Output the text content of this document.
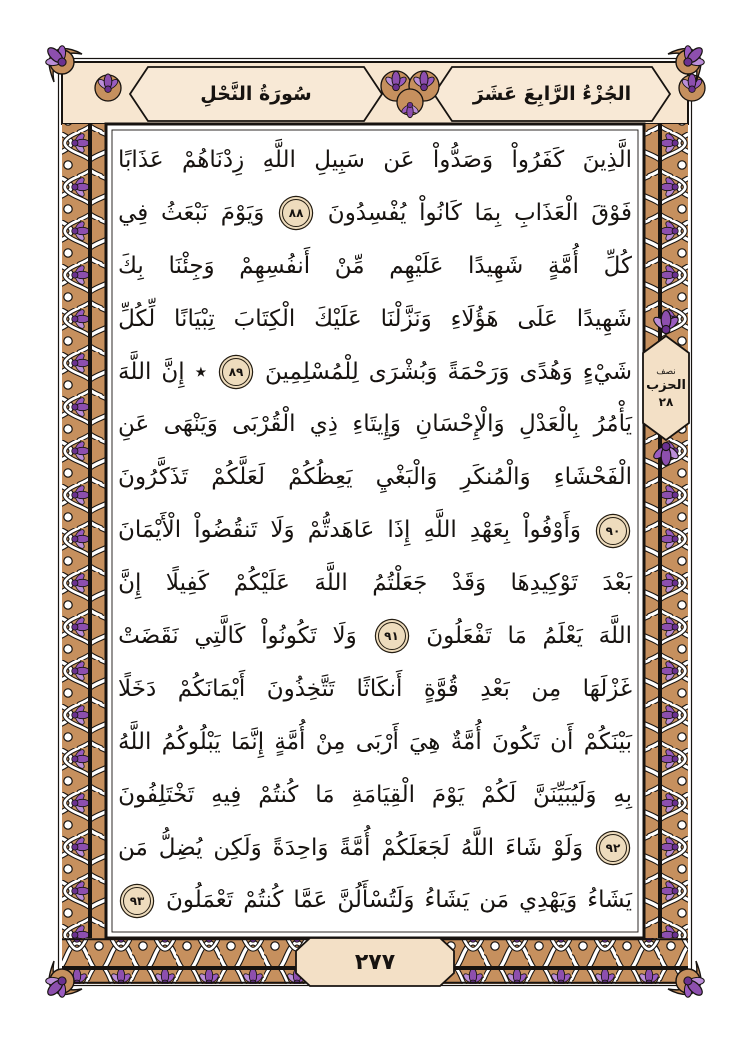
الجُزْءُ الرَّابِعَ عَشَرَ
سُورَةُ النَّحْلِ
الَّذِينَ
كَفَرُواْ
وَصَدُّواْ
عَن
سَبِيلِ
اللَّهِ
زِدْنَاهُمْ
عَذَابًا
فَوْقَ
الْعَذَابِ
بِمَا
كَانُواْ
يُفْسِدُونَ
٨٨
وَيَوْمَ
نَبْعَثُ
فِي
كُلِّ
أُمَّةٍ
شَهِيدًا
عَلَيْهِم
مِّنْ
أَنفُسِهِمْ
وَجِئْنَا
بِكَ
شَهِيدًا
عَلَى
هَؤُلَاءِ
وَنَزَّلْنَا
عَلَيْكَ
الْكِتَابَ
تِبْيَانًا
لِّكُلِّ
شَيْءٍ
وَهُدًى
وَرَحْمَةً
وَبُشْرَى
لِلْمُسْلِمِينَ
٨٩
٭
إِنَّ
اللَّهَ
يَأْمُرُ
بِالْعَدْلِ
وَالْإِحْسَانِ
وَإِيتَاءِ
ذِي
الْقُرْبَى
وَيَنْهَى
عَنِ
الْفَحْشَاءِ
وَالْمُنكَرِ
وَالْبَغْيِ
يَعِظُكُمْ
لَعَلَّكُمْ
تَذَكَّرُونَ
٩٠
وَأَوْفُواْ
بِعَهْدِ
اللَّهِ
إِذَا
عَاهَدتُّمْ
وَلَا
تَنقُضُواْ
الْأَيْمَانَ
بَعْدَ
تَوْكِيدِهَا
وَقَدْ
جَعَلْتُمُ
اللَّهَ
عَلَيْكُمْ
كَفِيلًا
إِنَّ
اللَّهَ
يَعْلَمُ
مَا
تَفْعَلُونَ
٩١
وَلَا
تَكُونُواْ
كَالَّتِي
نَقَضَتْ
غَزْلَهَا
مِن
بَعْدِ
قُوَّةٍ
أَنكَاثًا
تَتَّخِذُونَ
أَيْمَانَكُمْ
دَخَلًا
بَيْنَكُمْ
أَن
تَكُونَ
أُمَّةٌ
هِيَ
أَرْبَى
مِنْ
أُمَّةٍ
إِنَّمَا
يَبْلُوكُمُ
اللَّهُ
بِهِ
وَلَيُبَيِّنَنَّ
لَكُمْ
يَوْمَ
الْقِيَامَةِ
مَا
كُنتُمْ
فِيهِ
تَخْتَلِفُونَ
٩٢
وَلَوْ
شَاءَ
اللَّهُ
لَجَعَلَكُمْ
أُمَّةً
وَاحِدَةً
وَلَكِن
يُضِلُّ
مَن
يَشَاءُ
وَيَهْدِي
مَن
يَشَاءُ
وَلَتُسْأَلُنَّ
عَمَّا
كُنتُمْ
تَعْمَلُونَ
٩٣
نصف
الحزب
٢٨
٢٧٧
